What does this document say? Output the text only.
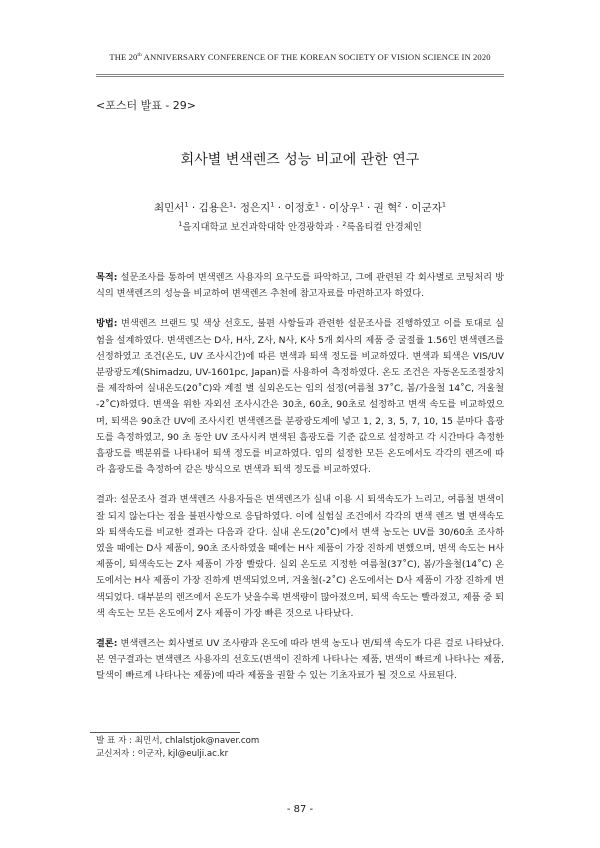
THE 20th ANNIVERSARY CONFERENCE OF THE KOREAN SOCIETY OF VISION SCIENCE IN 2020
<포스터 발표 - 29>
회사별 변색렌즈 성능 비교에 관한 연구
최민서$^1$ · 김용은$^1$· 정은지$^1$ · 이정호$^1$ · 이상우$^1$ · 권 혁$^2$ · 이군자$^1$
$^1$을지대학교 보건과학대학 안경광학과 · $^2$룩옵티컬 안경체인

목적: 설문조사를 통하여 변색렌즈 사용자의 요구도를 파악하고, 그에 관련된 각 회사별로 코팅처리 방식의 변색렌즈의 성능을 비교하여 변색렌즈 추천에 참고자료를 마련하고자 하였다.

방법: 변색렌즈 브랜드 및 색상 선호도, 불편 사항들과 관련한 설문조사를 진행하였고 이를 토대로 실험을 설계하였다. 변색렌즈는 D사, H사, Z사, N사, K사 5개 회사의 제품 중 굴절률 1.56인 변색렌즈를 선정하였고 조건(온도, UV 조사시간)에 따른 변색과 퇴색 정도를 비교하였다. 변색과 퇴색은 VIS/UV 분광광도계(Shimadzu, UV-1601pc, Japan)를 사용하여 측정하였다. 온도 조건은 자동온도조절장치를 제작하여 실내온도(20˚C)와 계절 별 실외온도는 임의 설정(여름철 37˚C, 봄/가을철 14˚C, 겨울철 -2˚C)하였다. 변색을 위한 자외선 조사시간은 30초, 60초, 90초로 설정하고 변색 속도를 비교하였으며, 퇴색은 90초간 UV에 조사시킨 변색렌즈를 분광광도계에 넣고 1, 2, 3, 5, 7, 10, 15 분마다 흡광도를 측정하였고, 90 초 동안 UV 조사시켜 변색된 흡광도를 기준 값으로 설정하고 각 시간마다 측정한 흡광도를 백분위를 나타내어 퇴색 정도를 비교하였다. 임의 설정한 모든 온도에서도 각각의 렌즈에 따라 흡광도를 측정하여 같은 방식으로 변색과 퇴색 정도를 비교하였다.

결과: 설문조사 결과 변색렌즈 사용자들은 변색렌즈가 실내 이용 시 퇴색속도가 느리고, 여름철 변색이 잘 되지 않는다는 점을 불편사항으로 응답하였다. 이에 실험실 조건에서 각각의 변색 렌즈 별 변색속도와 퇴색속도를 비교한 결과는 다음과 같다. 실내 온도(20˚C)에서 변색 농도는 UV를 30/60초 조사하였을 때에는 D사 제품이, 90초 조사하였을 때에는 H사 제품이 가장 진하게 변했으며, 변색 속도는 H사 제품이, 퇴색속도는 Z사 제품이 가장 빨랐다. 실외 온도로 지정한 여름철(37˚C), 봄/가을철(14˚C) 온도에서는 H사 제품이 가장 진하게 변색되었으며, 겨울철(-2˚C) 온도에서는 D사 제품이 가장 진하게 변색되었다. 대부분의 렌즈에서 온도가 낮을수록 변색량이 많아졌으며, 퇴색 속도는 빨라졌고, 제품 중 퇴색 속도는 모든 온도에서 Z사 제품이 가장 빠른 것으로 나타났다.

결론: 변색렌즈는 회사별로 UV 조사량과 온도에 따라 변색 농도나 변/퇴색 속도가 다른 걸로 나타났다. 본 연구결과는 변색렌즈 사용자의 선호도(변색이 진하게 나타나는 제품, 변색이 빠르게 나타나는 제품, 탈색이 빠르게 나타나는 제품)에 따라 제품을 권할 수 있는 기초자료가 될 것으로 사료된다.

발 표 자 : 최민서, chlalstjok@naver.com
교신저자 : 이군자, kjl@eulji.ac.kr
- 87 -
